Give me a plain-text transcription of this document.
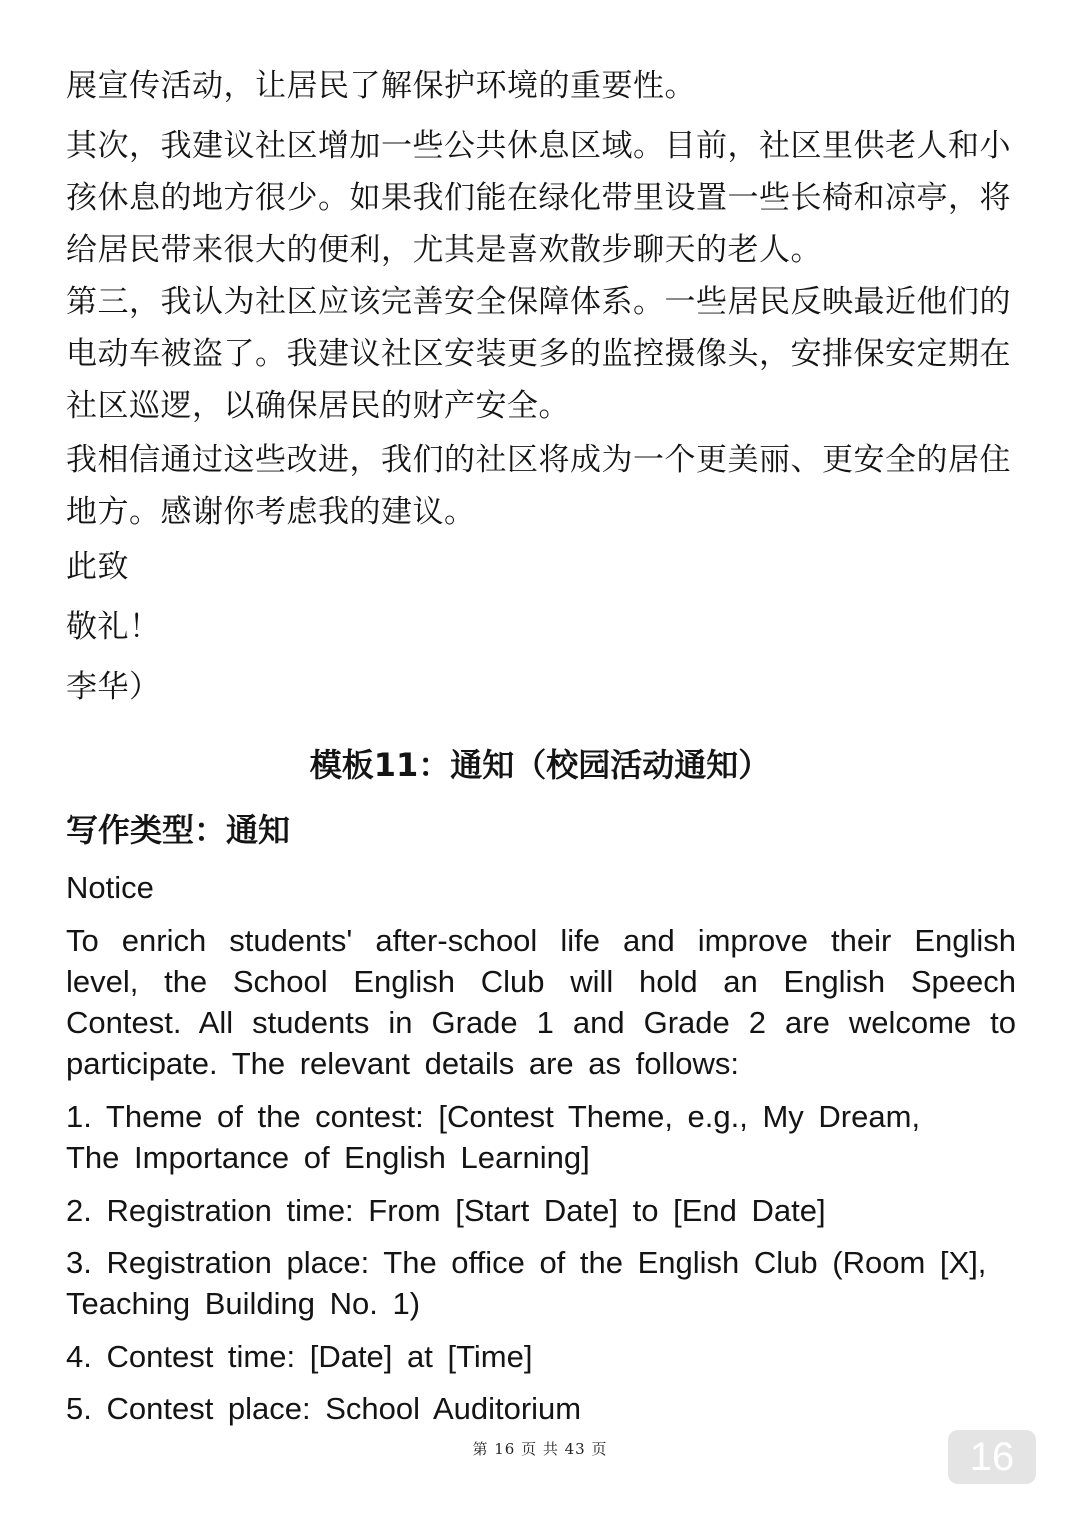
展宣传活动，让居民了解保护环境的重要性。

其次，我建议社区增加一些公共休息区域。目前，社区里供老人和小孩休息的地方很少。如果我们能在绿化带里设置一些长椅和凉亭，将给居民带来很大的便利，尤其是喜欢散步聊天的老人。

第三，我认为社区应该完善安全保障体系。一些居民反映最近他们的电动车被盗了。我建议社区安装更多的监控摄像头，安排保安定期在社区巡逻，以确保居民的财产安全。

我相信通过这些改进，我们的社区将成为一个更美丽、更安全的居住地方。感谢你考虑我的建议。

此致

敬礼！

李华）

模板11：通知（校园活动通知）
写作类型：通知

Notice

To enrich students' after-school life and improve their English level, the School English Club will hold an English Speech Contest. All students in Grade 1 and Grade 2 are welcome to participate. The relevant details are as follows:

1. Theme of the contest: [Contest Theme, e.g., My Dream, The Importance of English Learning]

2. Registration time: From [Start Date] to [End Date]

3. Registration place: The office of the English Club (Room [X], Teaching Building No. 1)

4. Contest time: [Date] at [Time]

5. Contest place: School Auditorium

第 16 页 共 43 页	16
